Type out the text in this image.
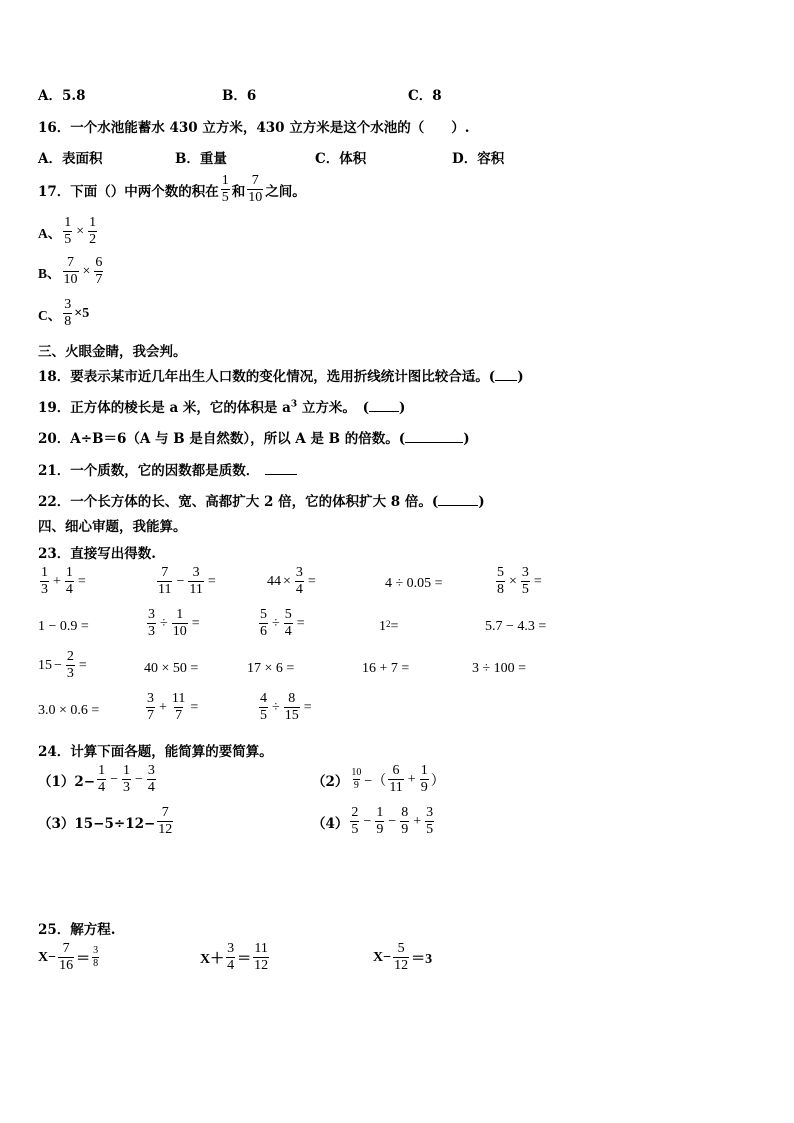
A．5.8	B．6	C．8
16．一个水池能蓄水 430 立方米，430 立方米是这个水池的（　　）.
A．表面积	B．重量	C．体积	D．容积
17．下面（）中两个数的积在 $\frac{1}{5}$ 和 $\frac{7}{10}$ 之间。
A、 $\frac{1}{5} \times \frac{1}{2}$
B、 $\frac{7}{10} \times \frac{6}{7}$
C、 $\frac{3}{8} \times 5$
三、火眼金睛，我会判。
18．要表示某市近几年出生人口数的变化情况，选用折线统计图比较合适。( )
19．正方体的棱长是 a 米，它的体积是 $a^3$ 立方米。　( )
20．A÷B＝6（A 与 B 是自然数），所以 A 是 B 的倍数。(	)
21．一个质数，它的因数都是质数．
22．一个长方体的长、宽、高都扩大 2 倍，它的体积扩大 8 倍。(	)
四、细心审题，我能算。
23．直接写出得数.
$\frac{1}{3} + \frac{1}{4}$ =	$\frac{7}{11} - \frac{3}{11}$ =	$44 \times \frac{3}{4}$ =	4 ÷ 0.05 =	$\frac{5}{8} \times \frac{3}{5}$ =
1 − 0.9 =	$\frac{3}{3} \div \frac{1}{10}$ =	$\frac{5}{6} \div \frac{5}{4}$ =	$1^2$ =	5.7 − 4.3 =
$15 - \frac{2}{3}$ =	40 × 50 =	17 × 6 =	16 + 7 =	3 ÷ 100 =
3.0 × 0.6 =	$\frac{3}{7} + \frac{11}{7}$ =	$\frac{4}{5} \div \frac{8}{15}$ =
24．计算下面各题，能简算的要简算。
$(1)2- \frac{1}{4} - \frac{1}{3} - \frac{3}{4}$	$(2) \frac{10}{9}$ −（ $\frac{6}{11} + \frac{1}{9}$ ）
$(3)15-5\div 12- \frac{7}{12}$	$(4) \frac{2}{5} - \frac{1}{9} - \frac{8}{9} + \frac{3}{5}$
25．解方程.
$X- \frac{7}{16} = \frac{3}{8}$	$X+ \frac{3}{4} = \frac{11}{12}$	$X- \frac{5}{12} =3$
